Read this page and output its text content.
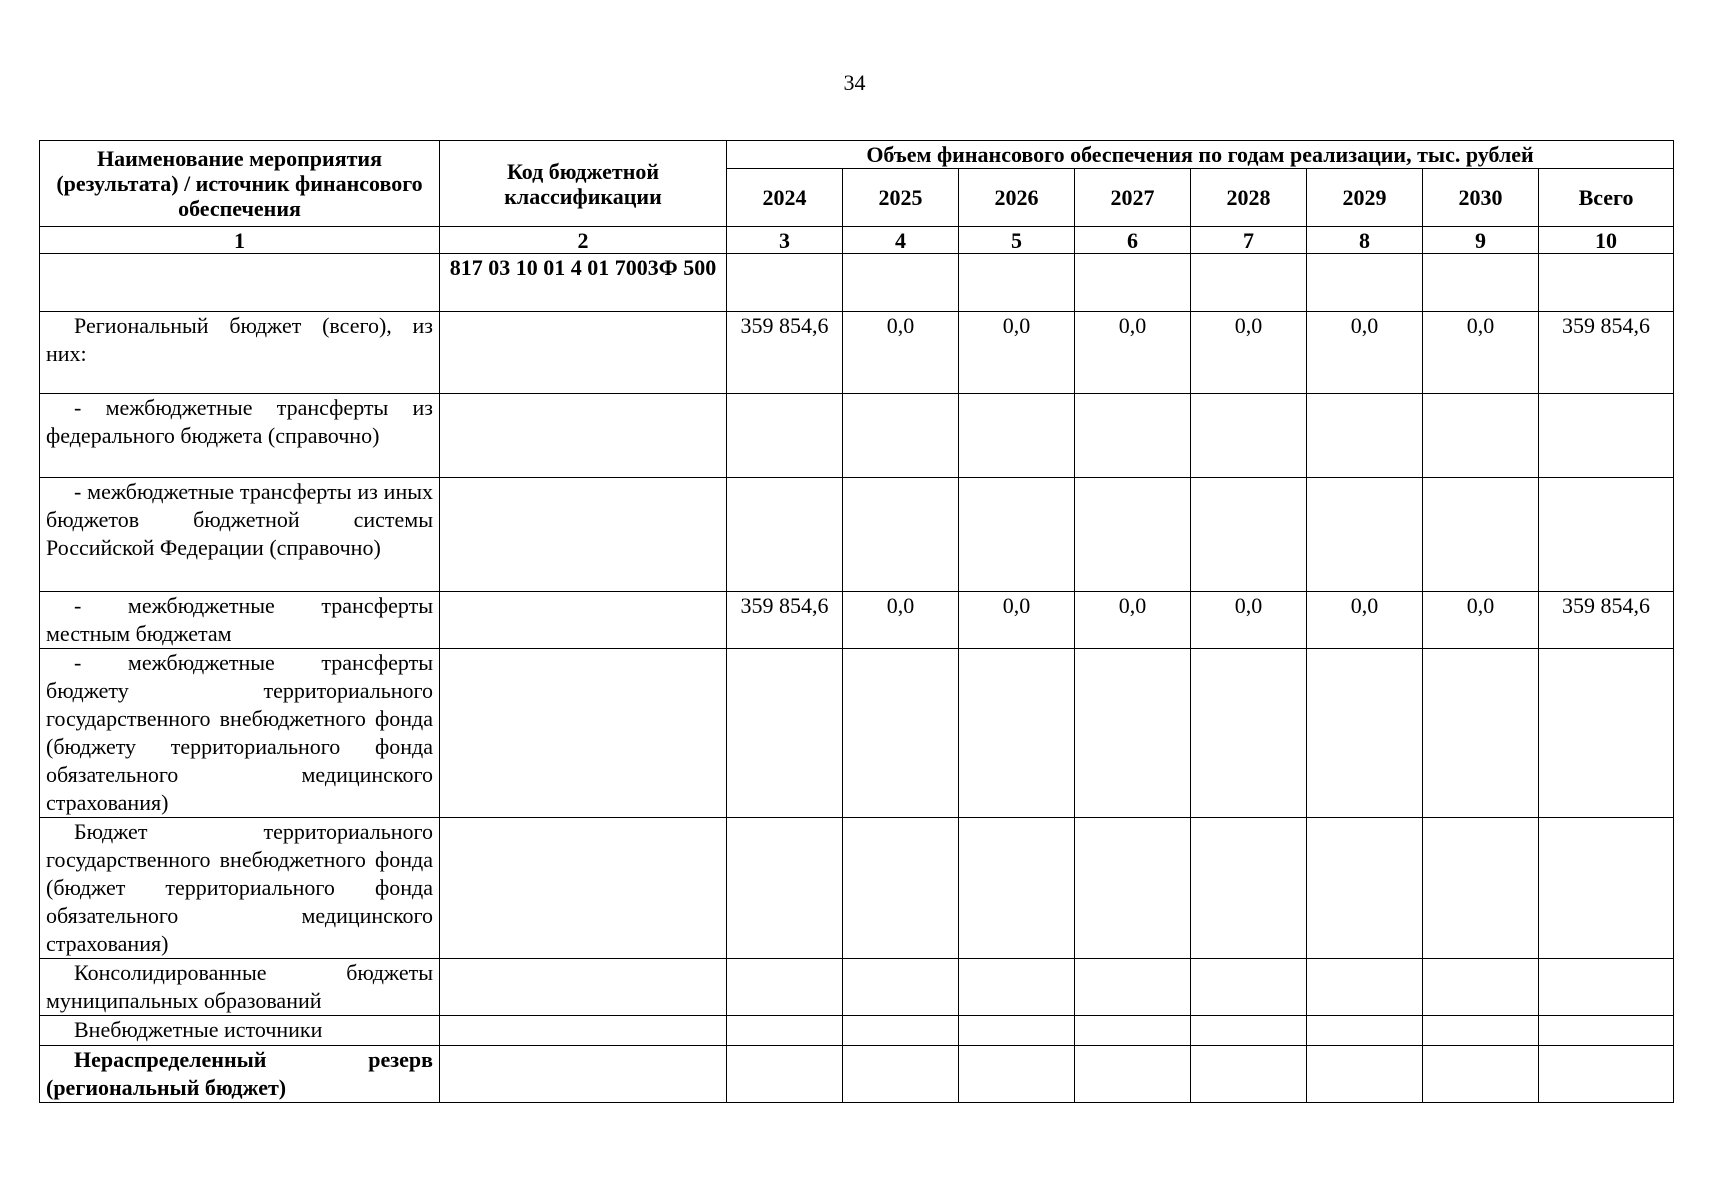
34
Наименование мероприятия (результата) / источник финансового обеспечения	Код бюджетной классификации	Объем финансового обеспечения по годам реализации, тыс. рублей							
		2024	2025	2026	2027	2028	2029	2030	Всего
1	2	3	4	5	6	7	8	9	10
	817 03 10 01 4 01 7003Ф 500								
Региональный бюджет (всего), из них:		359 854,6	0,0	0,0	0,0	0,0	0,0	0,0	359 854,6
- межбюджетные трансферты из федерального бюджета (справочно)									
- межбюджетные трансферты из иных бюджетов бюджетной системы Российской Федерации (справочно)									
- межбюджетные трансферты местным бюджетам		359 854,6	0,0	0,0	0,0	0,0	0,0	0,0	359 854,6
- межбюджетные трансферты бюджету территориального государственного внебюджетного фонда (бюджету территориального фонда обязательного медицинского страхования)									
Бюджет территориального государственного внебюджетного фонда (бюджет территориального фонда обязательного медицинского страхования)									
Консолидированные бюджеты муниципальных образований									
Внебюджетные источники									
Нераспределенный резерв (региональный бюджет)									
